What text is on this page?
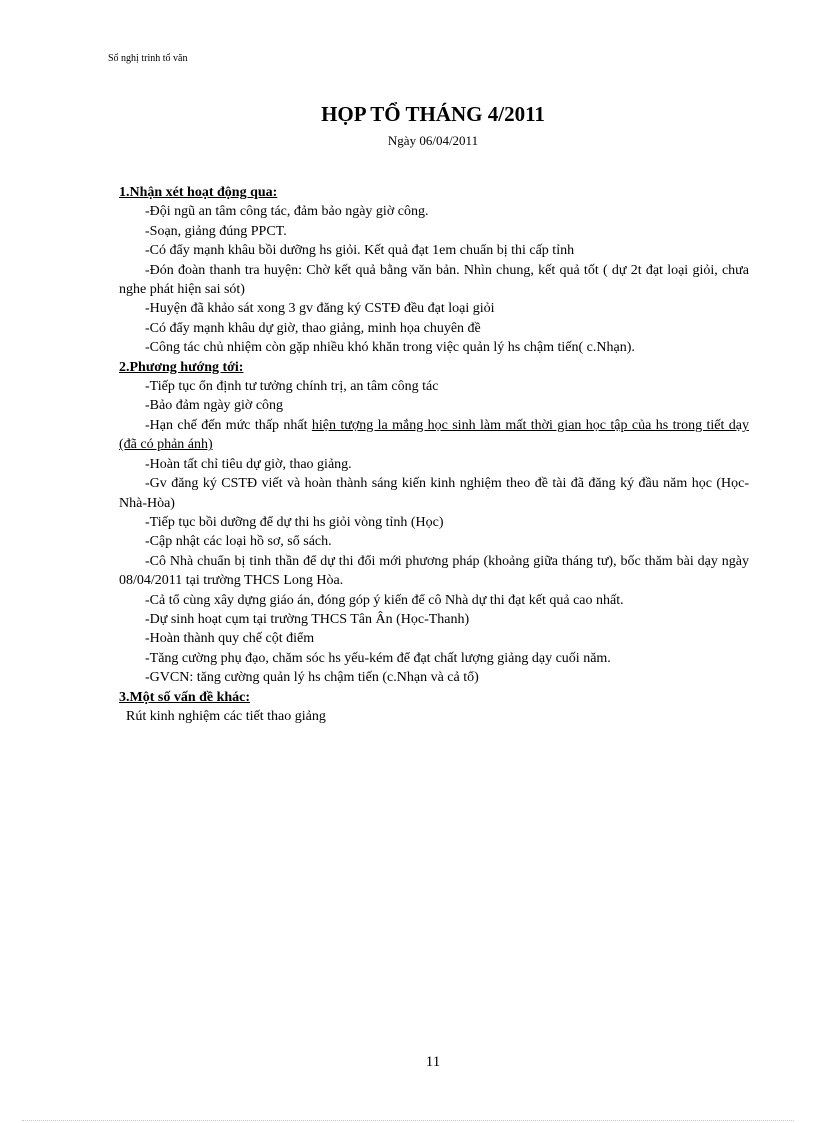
Sổ nghị trình tổ văn
HỌP TỔ THÁNG 4/2011
Ngày 06/04/2011
1.Nhận xét hoạt động qua:
-Đội ngũ an tâm công tác, đảm bảo ngày giờ công.
-Soạn, giảng đúng PPCT.
-Có đẩy mạnh khâu bồi dưỡng hs giỏi. Kết quả đạt 1em chuẩn bị thi cấp tỉnh
-Đón đoàn thanh tra huyện: Chờ kết quả bằng văn bản. Nhìn chung, kết quả tốt ( dự 2t đạt loại giỏi, chưa nghe phát hiện sai sót)
-Huyện đã khảo sát xong 3 gv đăng ký CSTĐ đều đạt loại giỏi
-Có đẩy mạnh khâu dự giờ, thao giảng, minh họa chuyên đề
-Công tác chủ nhiệm còn gặp nhiều khó khăn trong việc quản lý hs chậm tiến( c.Nhạn).
2.Phương hướng tới:
-Tiếp tục ổn định tư tưởng chính trị, an tâm công tác
-Bảo đảm ngày giờ công
-Hạn chế đến mức thấp nhất hiện tượng la mắng học sinh làm mất thời gian học tập của hs trong tiết dạy (đã có phản ánh)
-Hoàn tất chỉ tiêu dự giờ, thao giảng.
-Gv đăng ký CSTĐ viết và hoàn thành sáng kiến kinh nghiệm theo đề tài đã đăng ký đầu năm học (Học-Nhà-Hòa)
-Tiếp tục bồi dưỡng để dự thi hs giỏi vòng tỉnh (Học)
-Cập nhật các loại hồ sơ, sổ sách.
-Cô Nhà chuẩn bị tinh thần để dự thi đổi mới phương pháp (khoảng giữa tháng tư), bốc thăm bài dạy ngày 08/04/2011 tại trường THCS Long Hòa.
-Cả tổ cùng xây dựng giáo án, đóng góp ý kiến để cô Nhà dự thi đạt kết quả cao nhất.
-Dự sinh hoạt cụm tại trường THCS Tân Ân (Học-Thanh)
-Hoàn thành quy chế cột điểm
-Tăng cường phụ đạo, chăm sóc hs yếu-kém để đạt chất lượng giảng dạy cuối năm.
-GVCN: tăng cường quản lý hs chậm tiến (c.Nhạn và cả tổ)
3.Một số vấn đề khác:
Rút kinh nghiệm các tiết thao giảng
11
